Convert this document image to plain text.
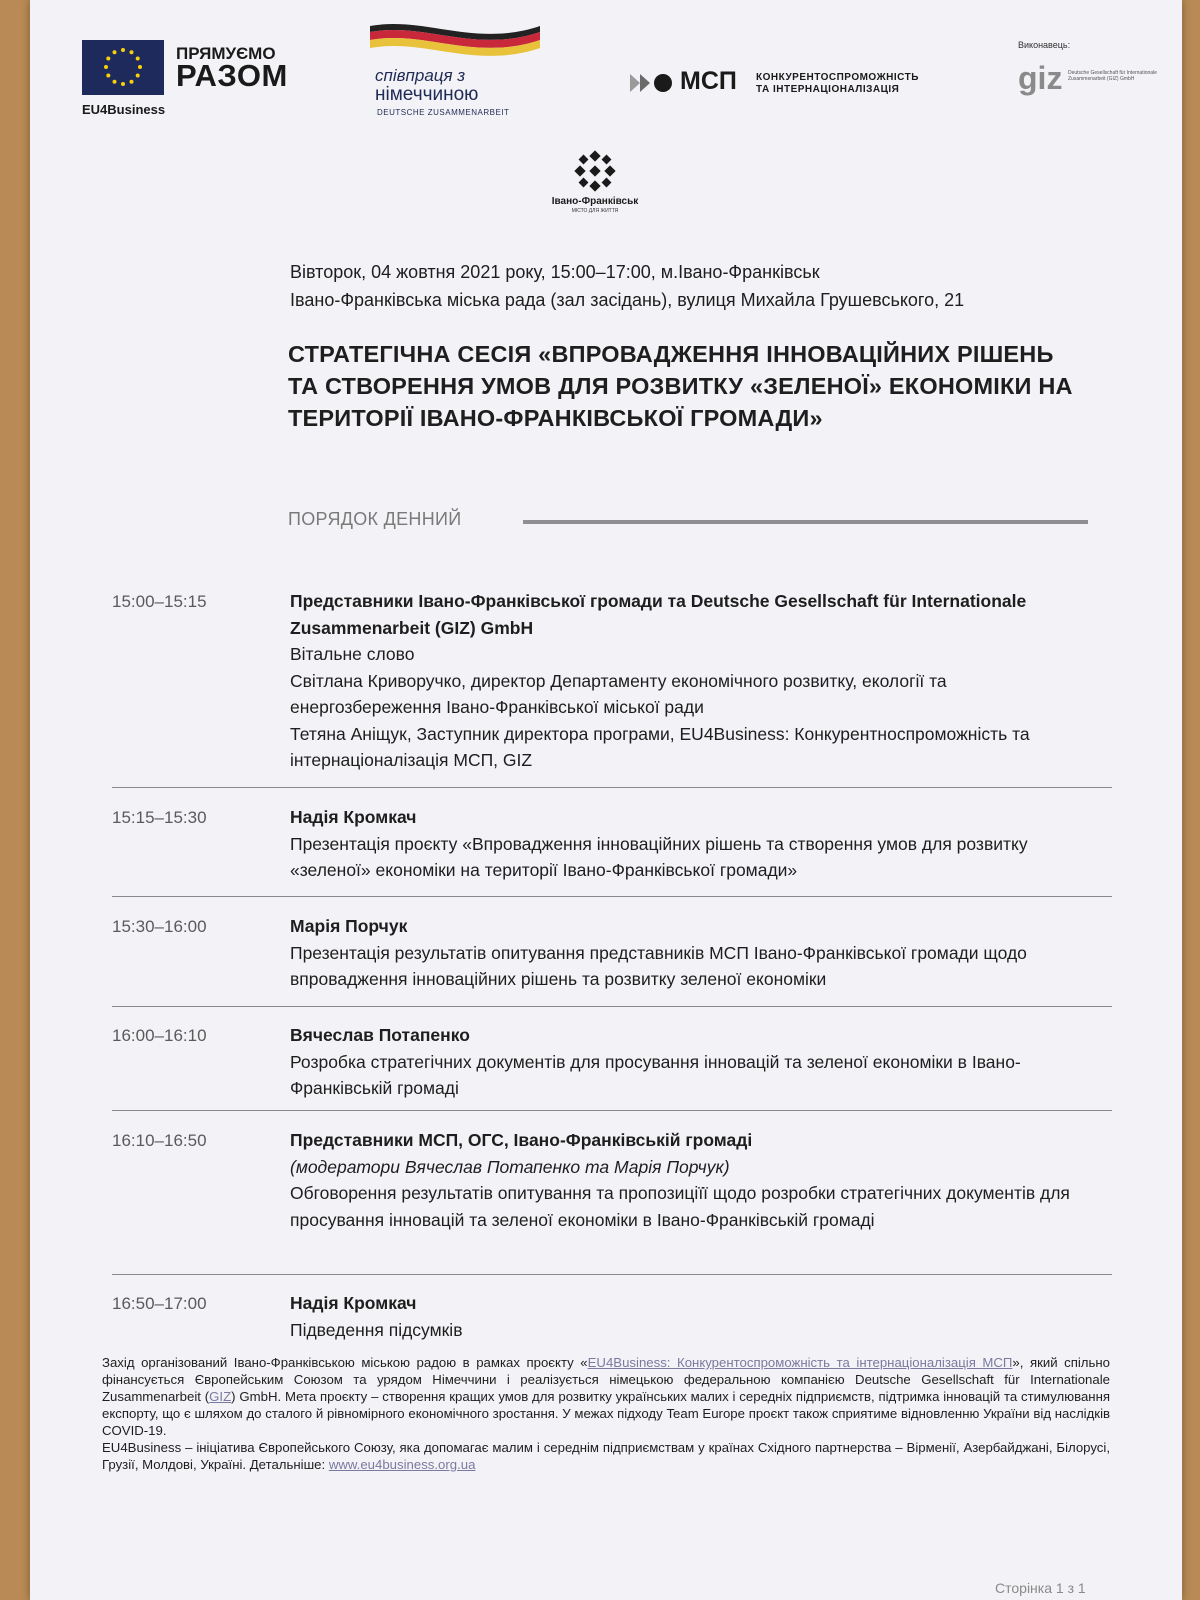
ПРЯМУЄМО
РАЗОМ
EU4Business
співпраця з
німеччиною
DEUTSCHE ZUSAMMENARBEIT
МСП КОНКУРЕНТОСПРОМОЖНІСТЬ
ТА ІНТЕРНАЦІОНАЛІЗАЦІЯ
Виконавець:
giz Deutsche Gesellschaft für Internationale Zusammenarbeit (GIZ) GmbH
Івано-Франківськ
МІСТО ДЛЯ ЖИТТЯ
Вівторок, 04 жовтня 2021 року, 15:00–17:00, м.Івано-Франківськ
Івано-Франківська міська рада (зал засідань), вулиця Михайла Грушевського, 21
СТРАТЕГІЧНА СЕСІЯ «ВПРОВАДЖЕННЯ ІННОВАЦІЙНИХ РІШЕНЬ ТА СТВОРЕННЯ УМОВ ДЛЯ РОЗВИТКУ «ЗЕЛЕНОЇ» ЕКОНОМІКИ НА ТЕРИТОРІЇ ІВАНО-ФРАНКІВСЬКОЇ ГРОМАДИ»
ПОРЯДОК ДЕННИЙ
15:00–15:15	Представники Івано-Франківської громади та Deutsche Gesellschaft für Internationale Zusammenarbeit (GIZ) GmbH
Вітальне слово
Світлана Криворучко, директор Департаменту економічного розвитку, екології та енергозбереження Івано-Франківської міської ради
Тетяна Аніщук, Заступник директора програми, EU4Business: Конкурентноспроможність та інтернаціоналізація МСП, GIZ
15:15–15:30	Надія Кромкач
Презентація проєкту «Впровадження інноваційних рішень та створення умов для розвитку «зеленої» економіки на території Івано-Франківської громади»
15:30–16:00	Марія Порчук
Презентація результатів опитування представників МСП Івано-Франківської громади щодо впровадження інноваційних рішень та розвитку зеленої економіки
16:00–16:10	Вячеслав Потапенко
Розробка стратегічних документів для просування інновацій та зеленої економіки в Івано-Франківській громаді
16:10–16:50	Представники МСП, ОГС, Івано-Франківській громаді
(модератори Вячеслав Потапенко та Марія Порчук)
Обговорення результатів опитування та пропозиціїї щодо розробки стратегічних документів для просування інновацій та зеленої економіки в Івано-Франківській громаді
16:50–17:00	Надія Кромкач
Підведення підсумків
Захід організований Івано-Франківською міською радою в рамках проєкту «EU4Business: Конкурентоспроможність та інтернаціоналізація МСП», який спільно фінансується Європейським Союзом та урядом Німеччини і реалізується німецькою федеральною компанією Deutsche Gesellschaft für Internationale Zusammenarbeit (GIZ) GmbH. Мета проєкту – створення кращих умов для розвитку українських малих і середніх підприємств, підтримка інновацій та стимулювання експорту, що є шляхом до сталого й рівномірного економічного зростання. У межах підходу Team Europe проєкт також сприятиме відновленню України від наслідків COVID-19.
EU4Business – ініціатива Європейського Союзу, яка допомагає малим і середнім підприємствам у країнах Східного партнерства – Вірменії, Азербайджані, Білорусі, Грузії, Молдові, Україні. Детальніше: www.eu4business.org.ua
Сторінка 1 з 1
